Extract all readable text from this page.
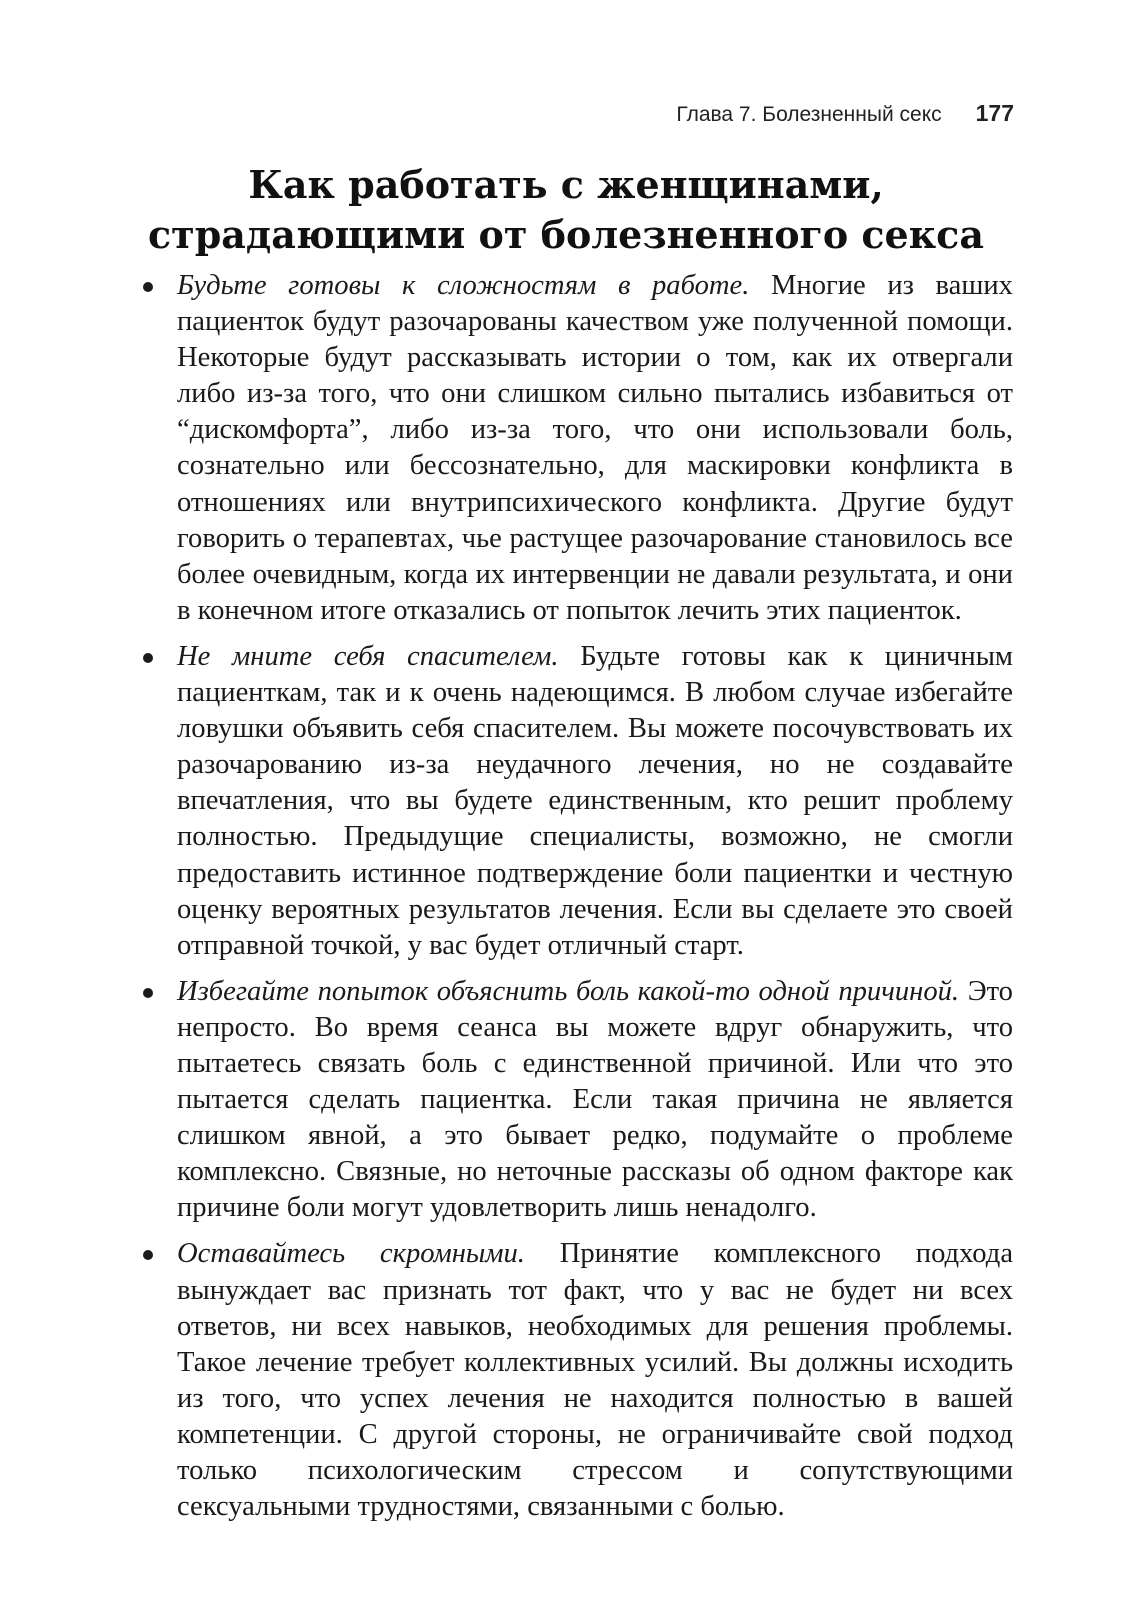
Глава 7. Болезненный секс 177
Как работать с женщинами,
страдающими от болезненного секса
Будьте готовы к сложностям в работе. Многие из ваших пациенток будут разочарованы качеством уже полученной помощи. Некоторые будут рассказывать истории о том, как их отвергали либо из-за того, что они слишком сильно пытались избавиться от “дискомфорта”, либо из-за того, что они использовали боль, сознательно или бессознательно, для маскировки конфликта в отношениях или внутрипсихического конфликта. Другие будут говорить о терапевтах, чье растущее разочарование становилось все более очевидным, когда их интервенции не давали результата, и они в конечном итоге отказались от попыток лечить этих пациенток.
Не мните себя спасителем. Будьте готовы как к циничным пациенткам, так и к очень надеющимся. В любом случае избегайте ловушки объявить себя спасителем. Вы можете посочувствовать их разочарованию из-за неудачного лечения, но не создавайте впечатления, что вы будете единственным, кто решит проблему полностью. Предыдущие специалисты, возможно, не смогли предоставить истинное подтверждение боли пациентки и честную оценку вероятных результатов лечения. Если вы сделаете это своей отправной точкой, у вас будет отличный старт.
Избегайте попыток объяснить боль какой-то одной причиной. Это непросто. Во время сеанса вы можете вдруг обнаружить, что пытаетесь связать боль с единственной причиной. Или что это пытается сделать пациентка. Если такая причина не является слишком явной, а это бывает редко, подумайте о проблеме комплексно. Связные, но неточные рассказы об одном факторе как причине боли могут удовлетворить лишь ненадолго.
Оставайтесь скромными. Принятие комплексного подхода вынуждает вас признать тот факт, что у вас не будет ни всех ответов, ни всех навыков, необходимых для решения проблемы. Такое лечение требует коллективных усилий. Вы должны исходить из того, что успех лечения не находится полностью в вашей компетенции. С другой стороны, не ограничивайте свой подход только психологическим стрессом и сопутствующими сексуальными трудностями, связанными с болью.
